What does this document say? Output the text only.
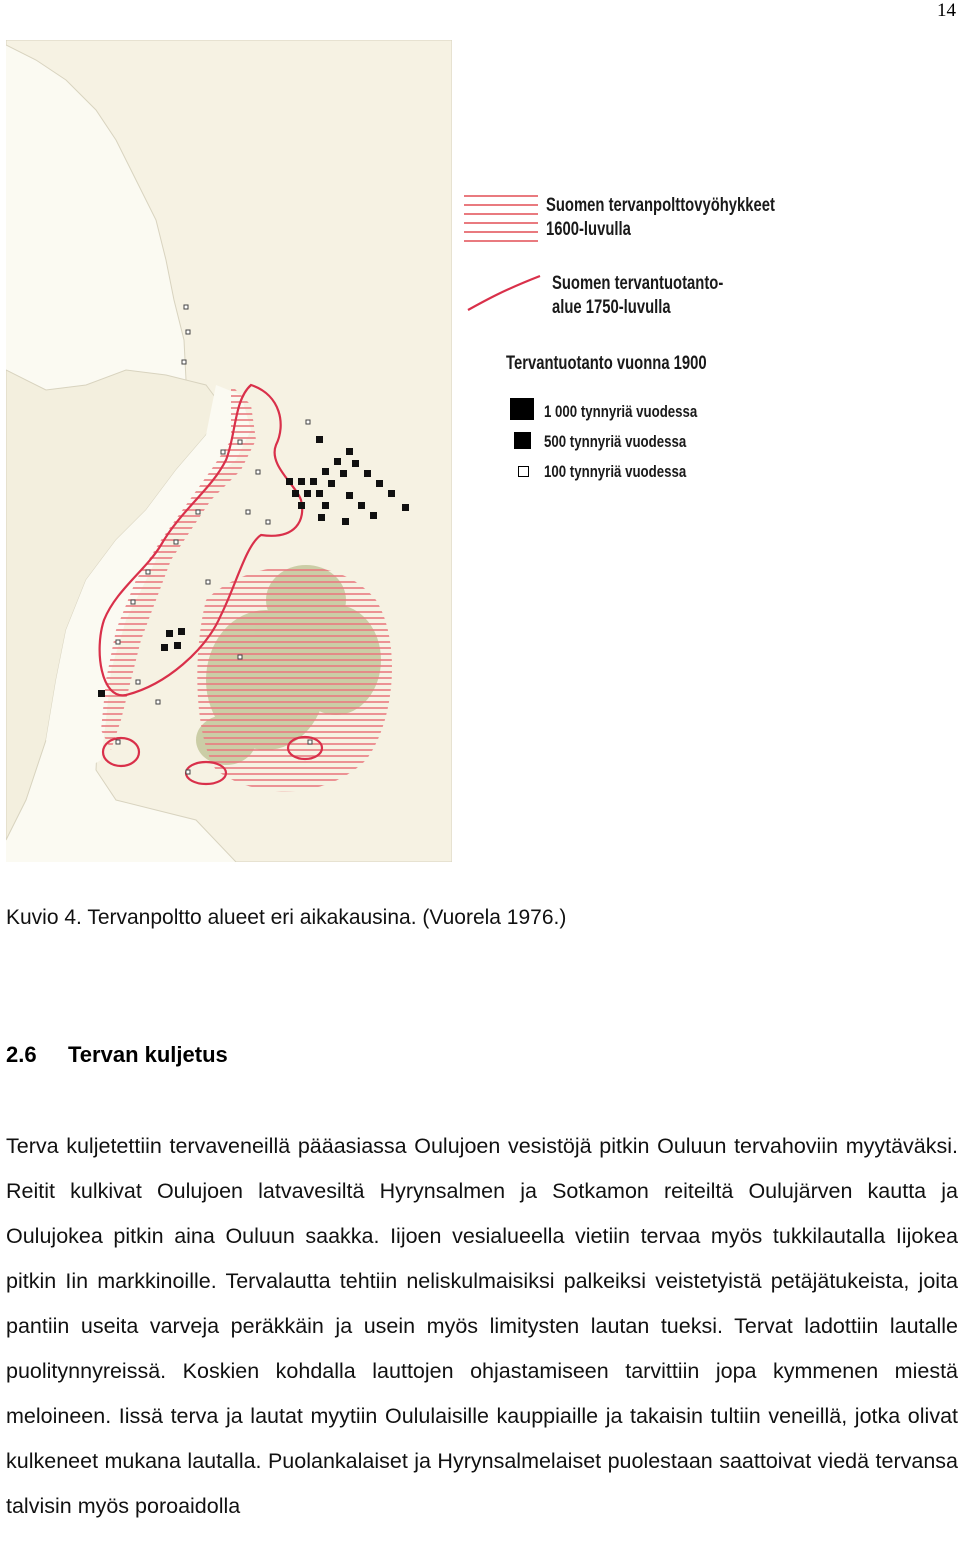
14
Suomen tervanpolttovyöhykkeet
1600-luvulla
Suomen tervantuotanto-
alue 1750-luvulla
Tervantuotanto vuonna 1900
1 000 tynnyriä vuodessa
500 tynnyriä vuodessa
100 tynnyriä vuodessa
Kuvio 4. Tervanpoltto alueet eri aikakausina. (Vuorela 1976.)
2.6 Tervan kuljetus

Terva kuljetettiin tervaveneillä pääasiassa Oulujoen vesistöjä pitkin Ouluun tervahoviin myytäväksi. Reitit kulkivat Oulujoen latvavesiltä Hyrynsalmen ja Sotkamon reiteiltä Oulujärven kautta ja Oulujokea pitkin aina Ouluun saakka. Iijoen vesialueella vietiin tervaa myös tukkilautalla Iijokea pitkin Iin markkinoille. Tervalautta tehtiin neliskulmaisiksi palkeiksi veistetyistä petäjätukeista, joita pantiin useita varveja peräkkäin ja usein myös limitysten lautan tueksi. Tervat ladottiin lautalle puolitynnyreissä. Koskien kohdalla lauttojen ohjastamiseen tarvittiin jopa kymmenen miestä meloineen. Iissä terva ja lautat myytiin Oululaisille kauppiaille ja takaisin tultiin veneillä, jotka olivat kulkeneet mukana lautalla. Puolankalaiset ja Hyrynsalmelaiset puolestaan saattoivat viedä tervansa talvisin myös poroaidolla
